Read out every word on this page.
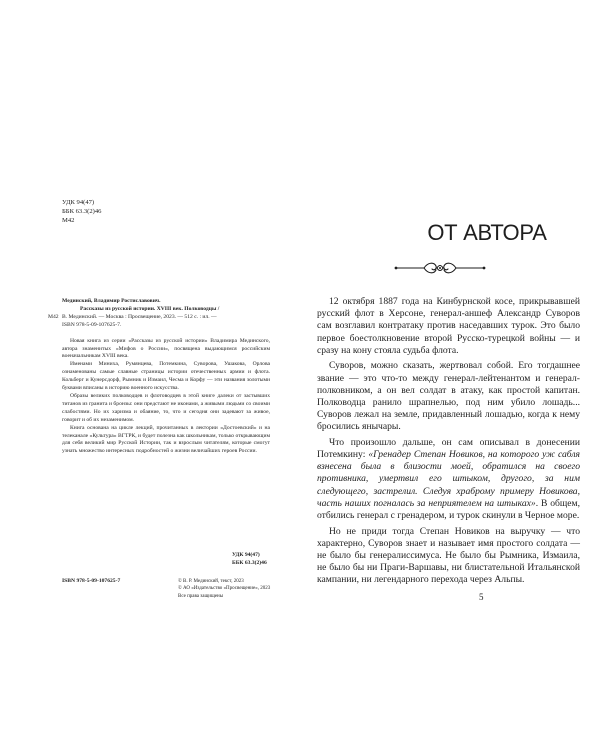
УДК 94(47)
ББК 63.3(2)46
М42
Мединский, Владимир Ростиславович.
Рассказы из русской истории. XVIII век. Полководцы /
М42 В. Мединский. — Москва : Просвещение, 2023. — 512 с. : ил. —
ISBN 978-5-09-107625-7.

Новая книга из серии «Рассказы из русской истории» Владимира Мединского, автора знаменитых «Мифов о России», посвящена выдающимся российским военачальникам XVIII века.

Именами Миниха, Румянцева, Потемкина, Суворова, Ушакова, Орлова ознаменованы самые славные страницы истории отечественных армии и флота. Кольберг и Кунерсдорф, Рымник и Измаил, Чесма и Корфу — эти названия золотыми буквами вписаны в историю военного искусства.

Образы великих полководцев и флотоводцев в этой книге далеки от застывших титанов из гранита и бронзы: они предстают не иконами, а живыми людьми со своими слабостями. Но их харизма и обаяние, то, что и сегодня они задевают за живое, говорит и об их незаменимом.

Книга основана на цикле лекций, прочитанных в лектории «Достоевский» и на телеканале «Культура» ВГТРК, и будет полезна как школьникам, только открывающим для себя великий мир Русской Истории, так и взрослым читателям, которые смогут узнать множество интересных подробностей о жизни величайших героев России.

УДК 94(47)
ББК 63.3(2)46
ISBN 978-5-09-107625-7	© В. Р. Мединский, текст, 2023
© АО «Издательство «Просвещение», 2023
Все права защищены
ОТ АВТОРА

12 октября 1887 года на Кинбурнской косе, прикрывавшей русский флот в Херсоне, генерал-аншеф Александр Суворов сам возглавил контратаку против наседавших турок. Это было первое боестолкновение второй Русско-турецкой войны — и сразу на кону стояла судьба флота.

Суворов, можно сказать, жертвовал собой. Его тогдашнее звание — это что-то между генерал-лейтенантом и генерал-полковником, а он вел солдат в атаку, как простой капитан. Полководца ранило шрапнелью, под ним убило лошадь... Суворов лежал на земле, придавленный лошадью, когда к нему бросились янычары.

Что произошло дальше, он сам описывал в донесении Потемкину: «Гренадер Степан Новиков, на которого уж сабля взнесена была в близости моей, обратился на своего противника, умертвил его штыком, другого, за ним следующего, застрелил. Следуя храброму примеру Новикова, часть наших погналась за неприятелем на штыках». В общем, отбились генерал с гренадером, и турок скинули в Черное море.

Но не приди тогда Степан Новиков на выручку — что характерно, Суворов знает и называет имя простого солдата — не было бы генералиссимуса. Не было бы Рымника, Измаила, не было бы ни Праги-Варшавы, ни блистательной Итальянской кампании, ни легендарного перехода через Альпы.

5
